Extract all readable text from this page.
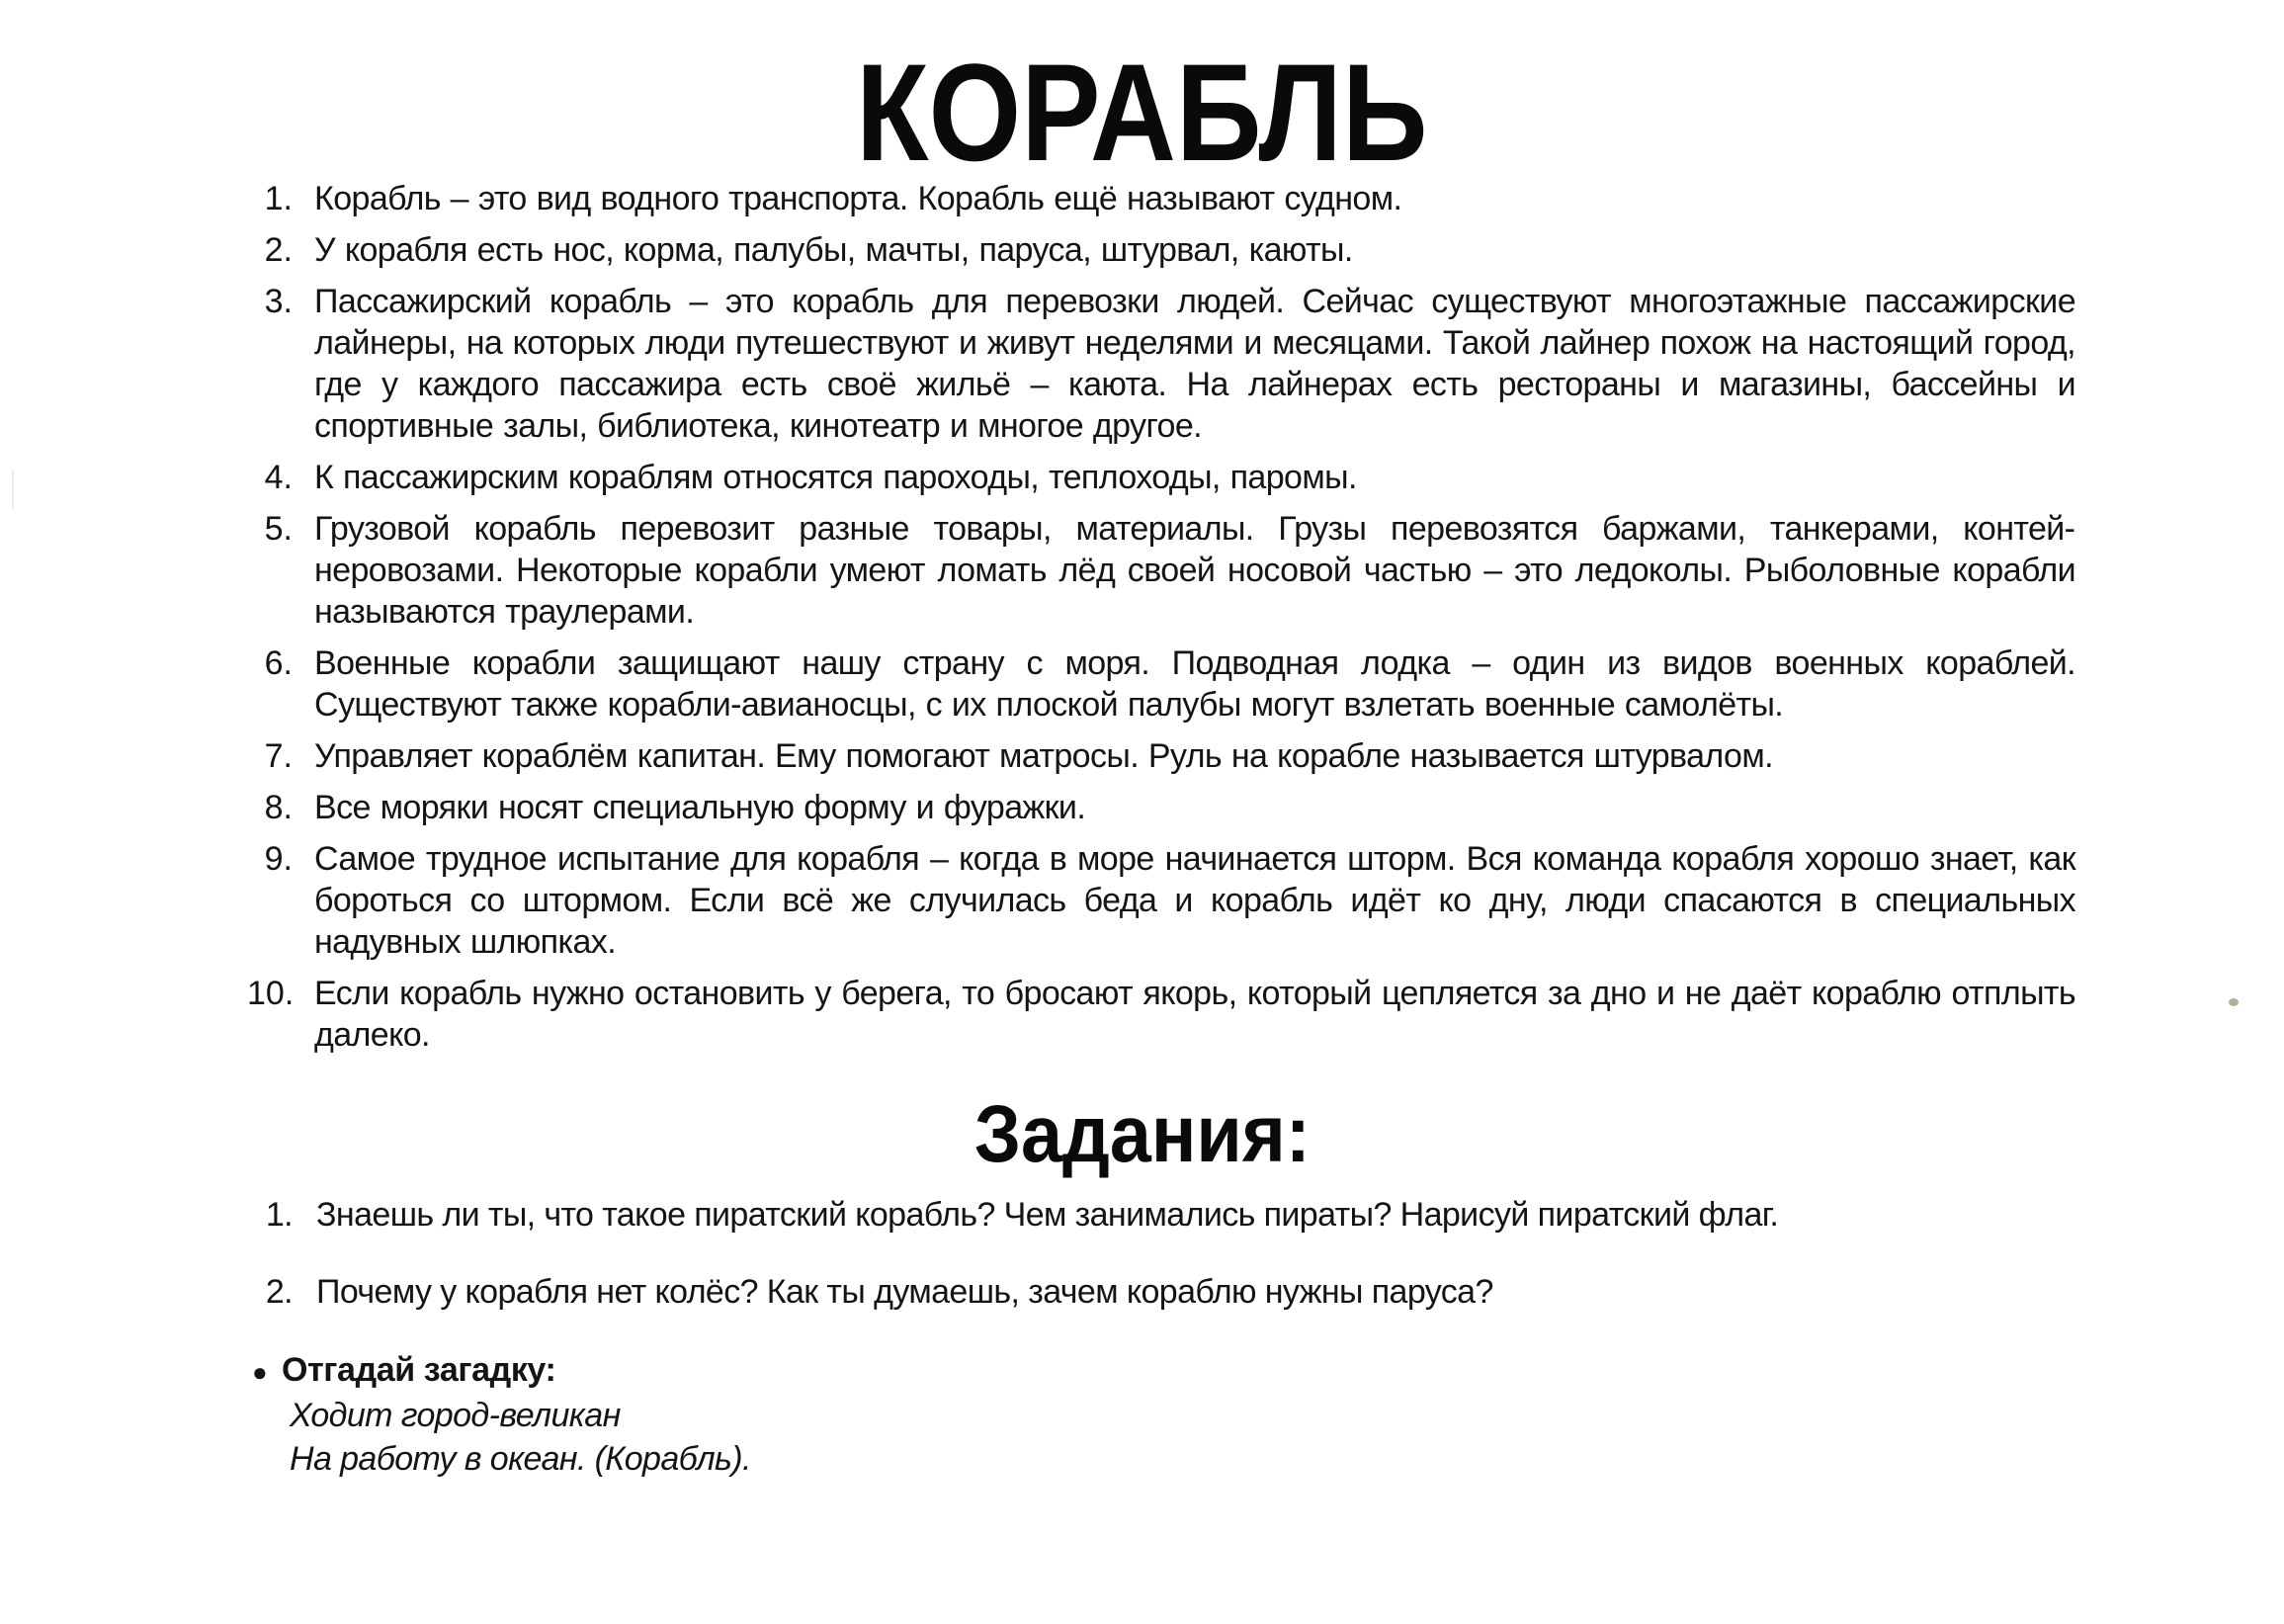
КОРАБЛЬ
1. Корабль – это вид водного транспорта. Корабль ещё называют судном.
2. У корабля есть нос, корма, палубы, мачты, паруса, штурвал, каюты.
3. Пассажирский корабль – это корабль для перевозки людей. Сейчас существуют многоэтажные пассажирские лайнеры, на которых люди путешествуют и живут неделями и месяцами. Такой лайнер похож на настоящий город, где у каждого пассажира есть своё жильё – каюта. На лайнерах есть рестораны и магазины, бассейны и спортивные залы, библиотека, кинотеатр и многое другое.
4. К пассажирским кораблям относятся пароходы, теплоходы, паромы.
5. Грузовой корабль перевозит разные товары, материалы. Грузы перевозятся баржами, танкерами, контейнеровозами. Некоторые корабли умеют ломать лёд своей носовой частью – это ледоколы. Рыболовные корабли называются траулерами.
6. Военные корабли защищают нашу страну с моря. Подводная лодка – один из видов военных кораблей. Существуют также корабли-авианосцы, с их плоской палубы могут взлетать военные самолёты.
7. Управляет кораблём капитан. Ему помогают матросы. Руль на корабле называется штурвалом.
8. Все моряки носят специальную форму и фуражки.
9. Самое трудное испытание для корабля – когда в море начинается шторм. Вся команда корабля хорошо знает, как бороться со штормом. Если всё же случилась беда и корабль идёт ко дну, люди спасаются в специальных надувных шлюпках.
10. Если корабль нужно остановить у берега, то бросают якорь, который цепляется за дно и не даёт кораблю отплыть далеко.
Задания:
1. Знаешь ли ты, что такое пиратский корабль? Чем занимались пираты? Нарисуй пиратский флаг.
2. Почему у корабля нет колёс? Как ты думаешь, зачем кораблю нужны паруса?
● Отгадай загадку:
Ходит город-великан
На работу в океан. (Корабль).
